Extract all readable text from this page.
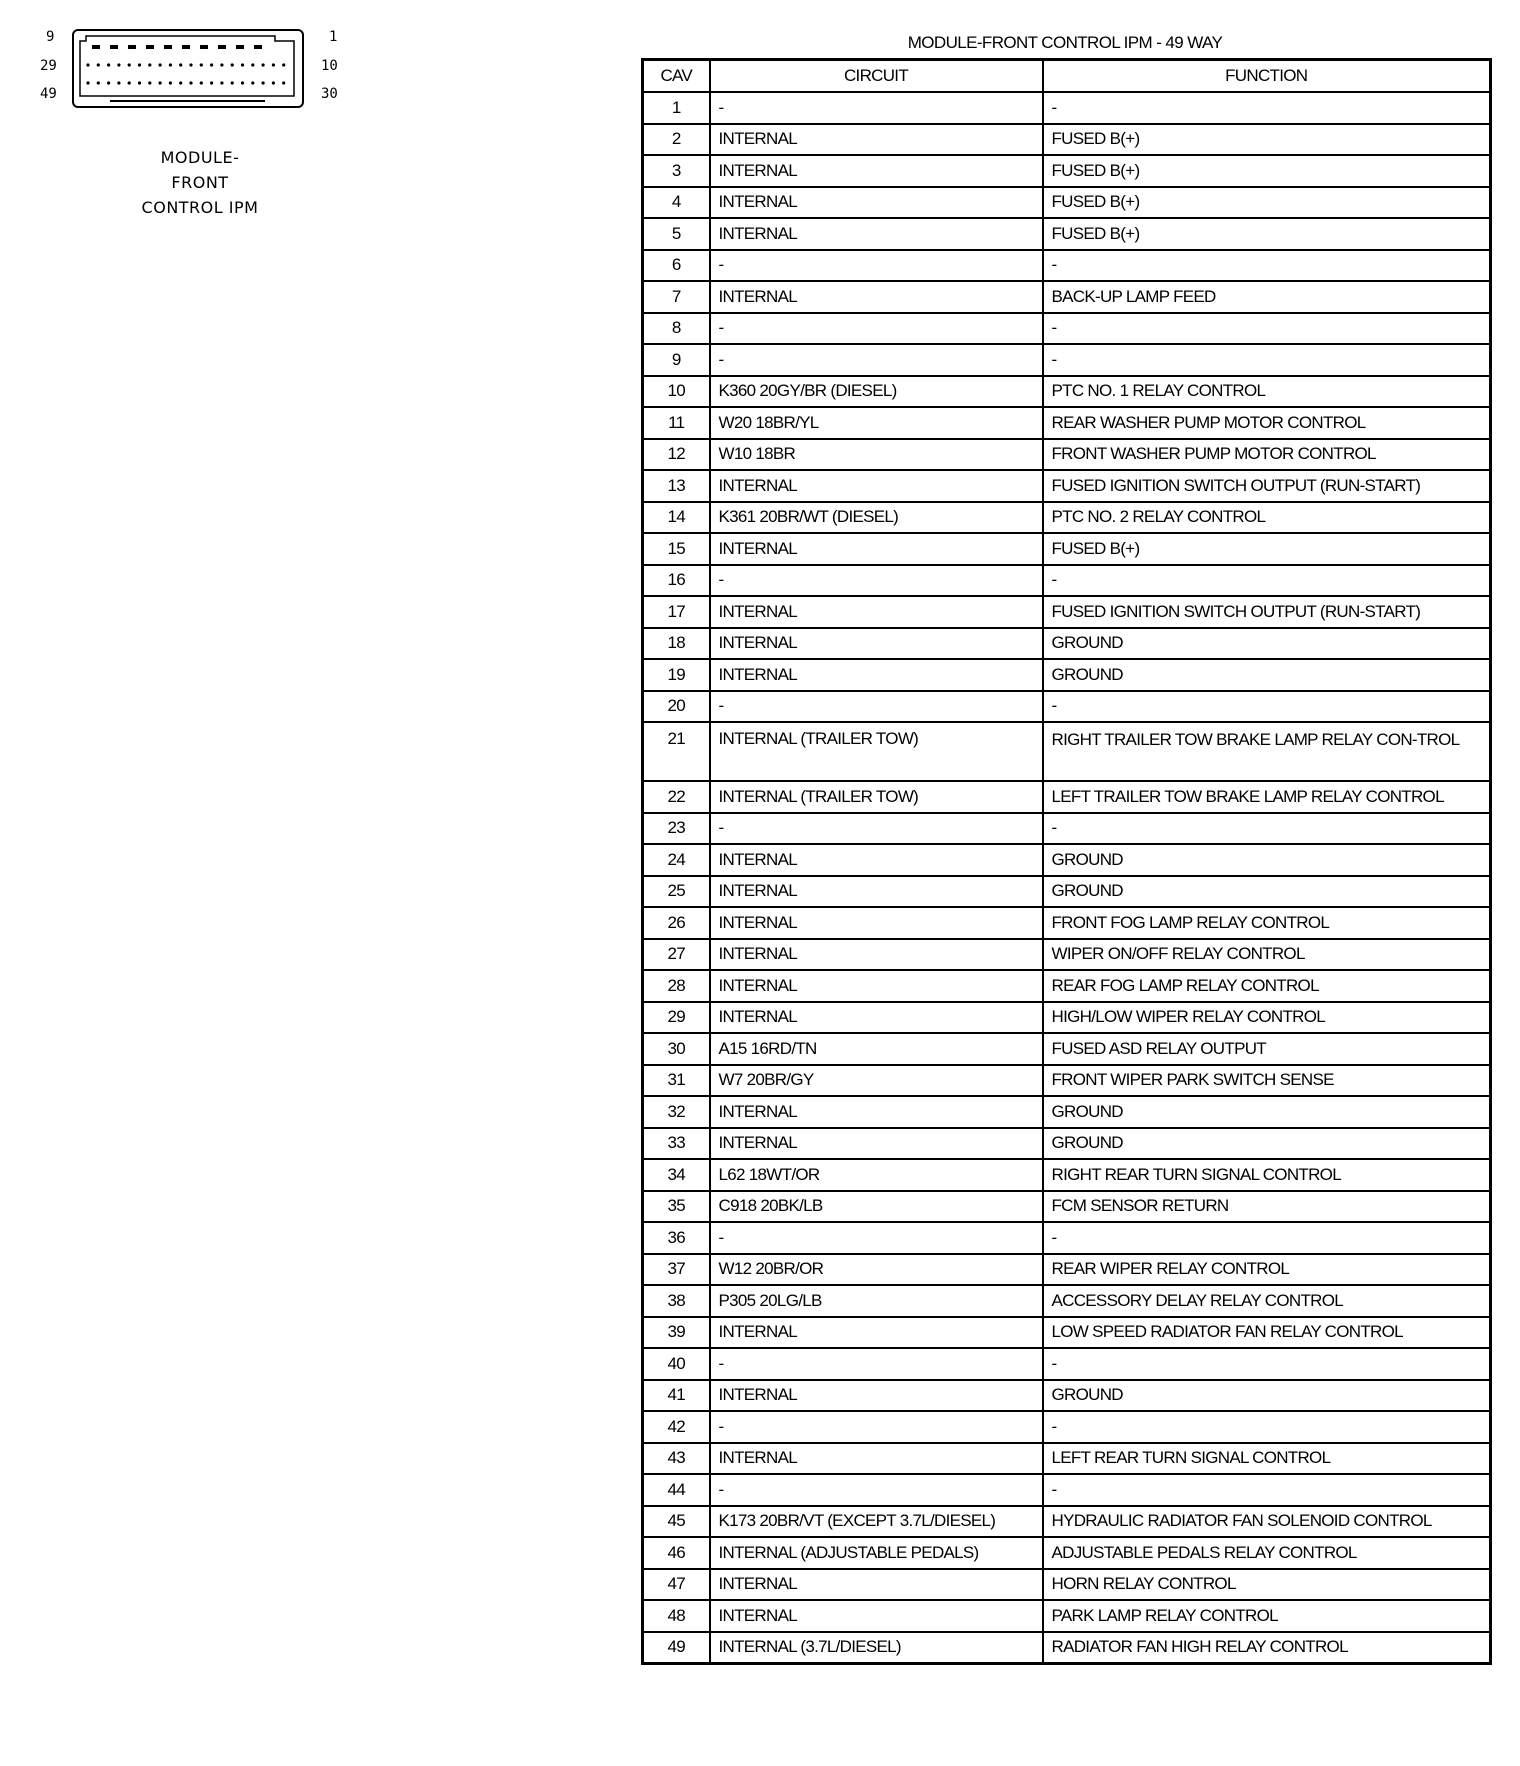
9	1
29	10
49	30
MODULE-
FRONT
CONTROL IPM
MODULE-FRONT CONTROL IPM - 49 WAY
CAV	CIRCUIT	FUNCTION
1	-	-
2	INTERNAL	FUSED B(+)
3	INTERNAL	FUSED B(+)
4	INTERNAL	FUSED B(+)
5	INTERNAL	FUSED B(+)
6	-	-
7	INTERNAL	BACK-UP LAMP FEED
8	-	-
9	-	-
10	K360 20GY/BR (DIESEL)	PTC NO. 1 RELAY CONTROL
11	W20 18BR/YL	REAR WASHER PUMP MOTOR CONTROL
12	W10 18BR	FRONT WASHER PUMP MOTOR CONTROL
13	INTERNAL	FUSED IGNITION SWITCH OUTPUT (RUN-START)
14	K361 20BR/WT (DIESEL)	PTC NO. 2 RELAY CONTROL
15	INTERNAL	FUSED B(+)
16	-	-
17	INTERNAL	FUSED IGNITION SWITCH OUTPUT (RUN-START)
18	INTERNAL	GROUND
19	INTERNAL	GROUND
20	-	-
21	INTERNAL (TRAILER TOW)	RIGHT TRAILER TOW BRAKE LAMP RELAY CON-TROL
22	INTERNAL (TRAILER TOW)	LEFT TRAILER TOW BRAKE LAMP RELAY CONTROL
23	-	-
24	INTERNAL	GROUND
25	INTERNAL	GROUND
26	INTERNAL	FRONT FOG LAMP RELAY CONTROL
27	INTERNAL	WIPER ON/OFF RELAY CONTROL
28	INTERNAL	REAR FOG LAMP RELAY CONTROL
29	INTERNAL	HIGH/LOW WIPER RELAY CONTROL
30	A15 16RD/TN	FUSED ASD RELAY OUTPUT
31	W7 20BR/GY	FRONT WIPER PARK SWITCH SENSE
32	INTERNAL	GROUND
33	INTERNAL	GROUND
34	L62 18WT/OR	RIGHT REAR TURN SIGNAL CONTROL
35	C918 20BK/LB	FCM SENSOR RETURN
36	-	-
37	W12 20BR/OR	REAR WIPER RELAY CONTROL
38	P305 20LG/LB	ACCESSORY DELAY RELAY CONTROL
39	INTERNAL	LOW SPEED RADIATOR FAN RELAY CONTROL
40	-	-
41	INTERNAL	GROUND
42	-	-
43	INTERNAL	LEFT REAR TURN SIGNAL CONTROL
44	-	-
45	K173 20BR/VT (EXCEPT 3.7L/DIESEL)	HYDRAULIC RADIATOR FAN SOLENOID CONTROL
46	INTERNAL (ADJUSTABLE PEDALS)	ADJUSTABLE PEDALS RELAY CONTROL
47	INTERNAL	HORN RELAY CONTROL
48	INTERNAL	PARK LAMP RELAY CONTROL
49	INTERNAL (3.7L/DIESEL)	RADIATOR FAN HIGH RELAY CONTROL
